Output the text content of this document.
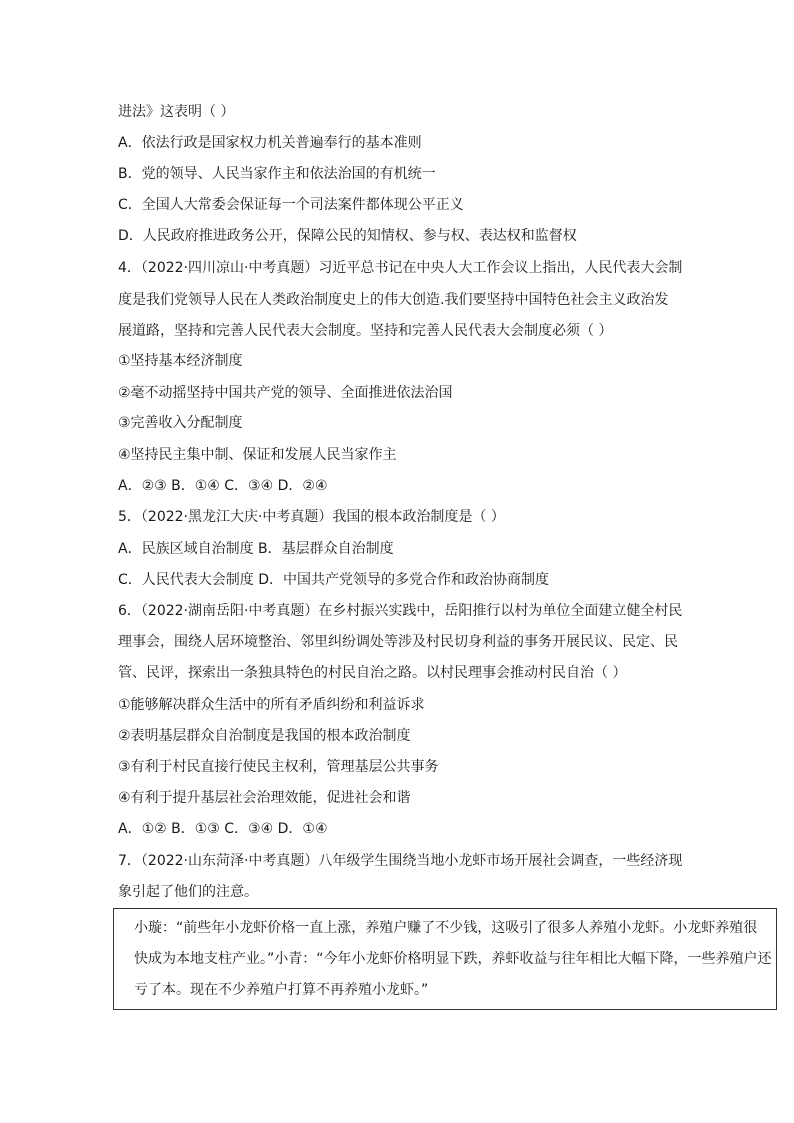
进法》这表明（ ）
A．依法行政是国家权力机关普遍奉行的基本准则
B．党的领导、人民当家作主和依法治国的有机统一
C．全国人大常委会保证每一个司法案件都体现公平正义
D．人民政府推进政务公开，保障公民的知情权、参与权、表达权和监督权
4．（2022·四川凉山·中考真题）习近平总书记在中央人大工作会议上指出，人民代表大会制
度是我们党领导人民在人类政治制度史上的伟大创造.我们要坚持中国特色社会主义政治发
展道路，坚持和完善人民代表大会制度。坚持和完善人民代表大会制度必须（ ）
①坚持基本经济制度
②毫不动摇坚持中国共产党的领导、全面推进依法治国
③完善收入分配制度
④坚持民主集中制、保证和发展人民当家作主
A．②③ B．①④ C．③④ D．②④
5．（2022·黑龙江大庆·中考真题）我国的根本政治制度是（ ）
A．民族区域自治制度 B．基层群众自治制度
C．人民代表大会制度 D．中国共产党领导的多党合作和政治协商制度
6．（2022·湖南岳阳·中考真题）在乡村振兴实践中，岳阳推行以村为单位全面建立健全村民
理事会，围绕人居环境整治、邻里纠纷调处等涉及村民切身利益的事务开展民议、民定、民
管、民评，探索出一条独具特色的村民自治之路。以村民理事会推动村民自治（ ）
①能够解决群众生活中的所有矛盾纠纷和利益诉求
②表明基层群众自治制度是我国的根本政治制度
③有利于村民直接行使民主权利，管理基层公共事务
④有利于提升基层社会治理效能，促进社会和谐
A．①② B．①③ C．③④ D．①④
7．（2022·山东菏泽·中考真题）八年级学生围绕当地小龙虾市场开展社会调查，一些经济现
象引起了他们的注意。
小璇：“前些年小龙虾价格一直上涨，养殖户赚了不少钱，这吸引了很多人养殖小龙虾。小龙虾养殖很
快成为本地支柱产业。”小青：“今年小龙虾价格明显下跌，养虾收益与往年相比大幅下降，一些养殖户还
亏了本。现在不少养殖户打算不再养殖小龙虾。”
